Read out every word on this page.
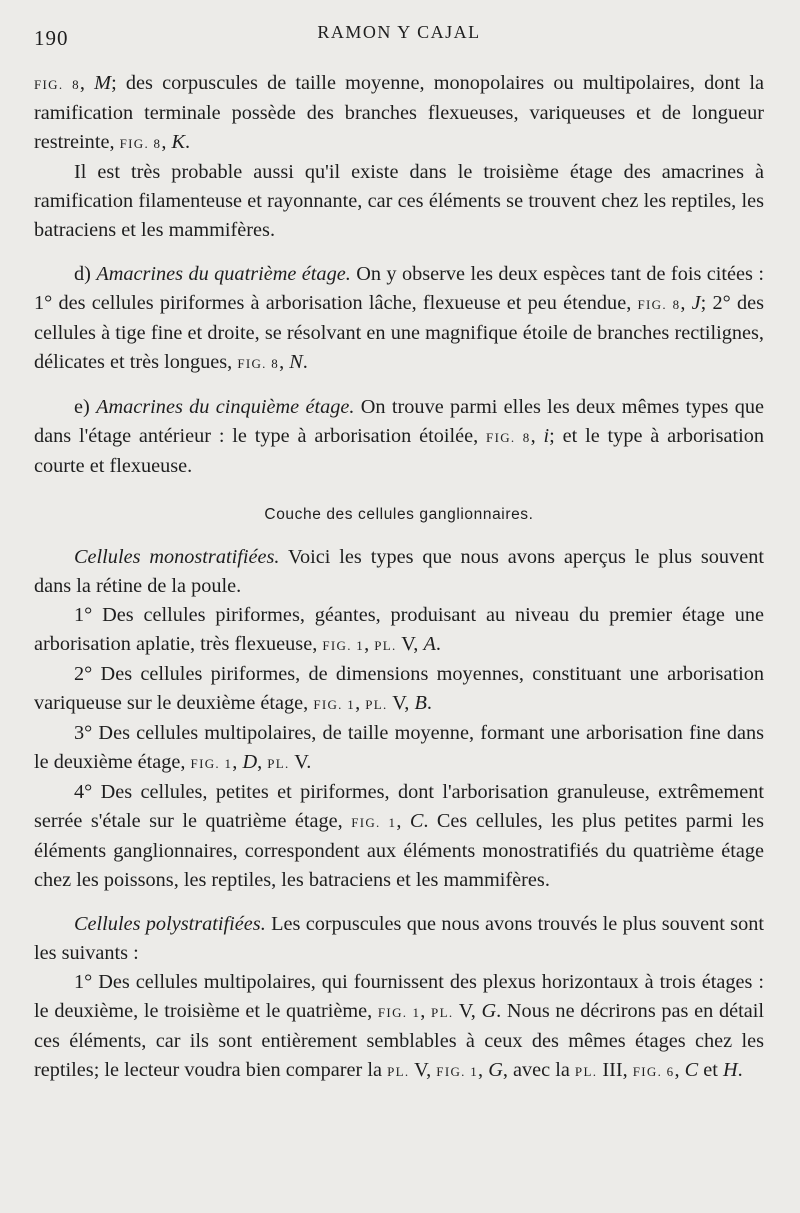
190	RAMON Y CAJAL

FIG. 8, M; des corpuscules de taille moyenne, monopolaires ou multipolaires, dont la ramification terminale possède des branches flexueuses, variqueuses et de longueur restreinte, FIG. 8, K.

Il est très probable aussi qu'il existe dans le troisième étage des amacrines à ramification filamenteuse et rayonnante, car ces éléments se trouvent chez les reptiles, les batraciens et les mammifères.

d) Amacrines du quatrième étage. On y observe les deux espèces tant de fois citées : 1° des cellules piriformes à arborisation lâche, flexueuse et peu étendue, FIG. 8, J; 2° des cellules à tige fine et droite, se résolvant en une magnifique étoile de branches rectilignes, délicates et très longues, FIG. 8, N.

e) Amacrines du cinquième étage. On trouve parmi elles les deux mêmes types que dans l'étage antérieur : le type à arborisation étoilée, FIG. 8, i; et le type à arborisation courte et flexueuse.

Couche des cellules ganglionnaires.

Cellules monostratifiées. Voici les types que nous avons aperçus le plus souvent dans la rétine de la poule.

1° Des cellules piriformes, géantes, produisant au niveau du premier étage une arborisation aplatie, très flexueuse, FIG. 1, PL. V, A.

2° Des cellules piriformes, de dimensions moyennes, constituant une arborisation variqueuse sur le deuxième étage, FIG. 1, PL. V, B.

3° Des cellules multipolaires, de taille moyenne, formant une arborisation fine dans le deuxième étage, FIG. 1, D, PL. V.

4° Des cellules, petites et piriformes, dont l'arborisation granuleuse, extrêmement serrée s'étale sur le quatrième étage, FIG. 1, C. Ces cellules, les plus petites parmi les éléments ganglionnaires, correspondent aux éléments monostratifiés du quatrième étage chez les poissons, les reptiles, les batraciens et les mammifères.

Cellules polystratifiées. Les corpuscules que nous avons trouvés le plus souvent sont les suivants :

1° Des cellules multipolaires, qui fournissent des plexus horizontaux à trois étages : le deuxième, le troisième et le quatrième, FIG. 1, PL. V, G. Nous ne décrirons pas en détail ces éléments, car ils sont entièrement semblables à ceux des mêmes étages chez les reptiles; le lecteur voudra bien comparer la PL. V, FIG. 1, G, avec la PL. III, FIG. 6, C et H.
